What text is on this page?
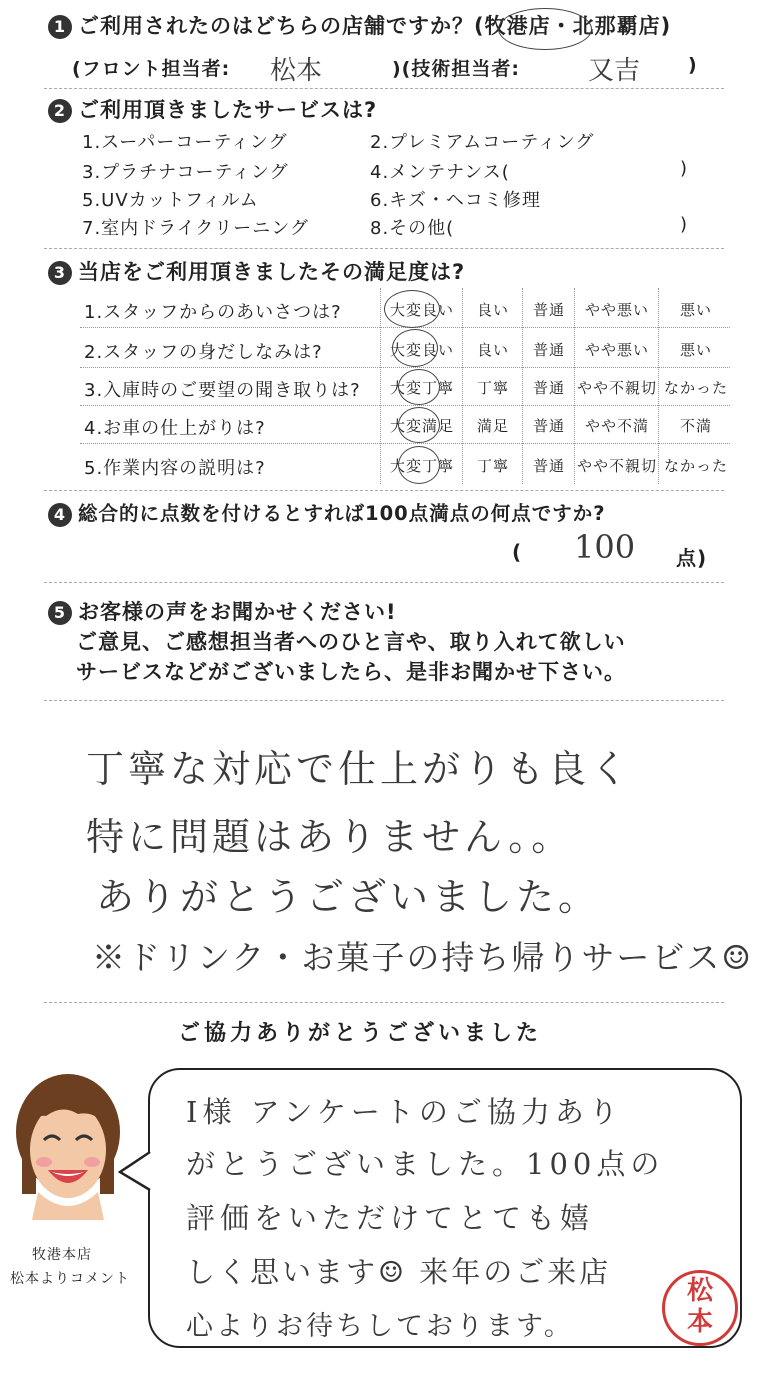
1 ご利用されたのはどちらの店舗ですか？(牧港店・北那覇店)
(フロント担当者: 松本	)(技術担当者:	又吉	)
2 ご利用頂きましたサービスは?
1.スーパーコーティング	2.プレミアムコーティング
3.プラチナコーティング	4.メンテナンス(	)
5.UVカットフィルム	6.キズ・ヘコミ修理
7.室内ドライクリーニング	8.その他(	)
3 当店をご利用頂きましたその満足度は?
1.スタッフからのあいさつは?	大変良い	良い	普通	やや悪い	悪い
2.スタッフの身だしなみは?	大変良い	良い	普通	やや悪い	悪い
3.入庫時のご要望の聞き取りは?	大変丁寧	丁寧	普通 やや不親切 なかった
4.お車の仕上がりは?	大変満足	満足	普通	やや不満	不満
5.作業内容の説明は?	大変丁寧	丁寧	普通 やや不親切 なかった
4 総合的に点数を付けるとすれば100点満点の何点ですか?
( 100 点)
5 お客様の声をお聞かせください!
ご意見、ご感想担当者へのひと言や、取り入れて欲しい
サービスなどがございましたら、是非お聞かせ下さい。
丁寧な対応で仕上がりも良く
特に問題はありません。。
ありがとうございました。
※ドリンク・お菓子の持ち帰りサービス☺
ご協力ありがとうございました
牧港本店
松本よりコメント
I様 アンケートのご協力あり
がとうございました。100点の
評価をいただけてとても嬉
しく思います☺ 来年のご来店
心よりお待ちしております。
松本
